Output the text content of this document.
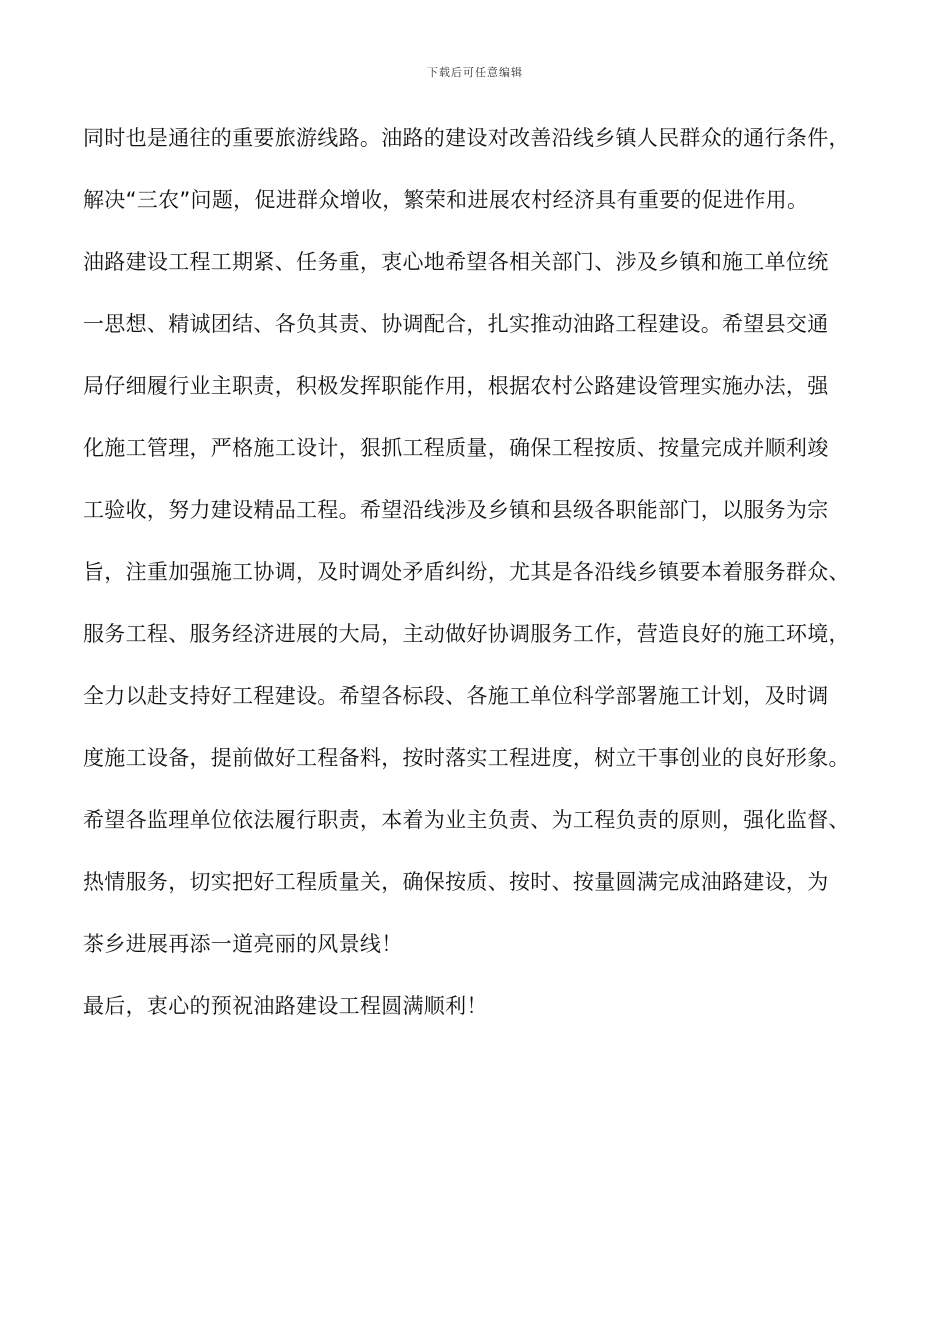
下载后可任意编辑
同时也是通往的重要旅游线路。油路的建设对改善沿线乡镇人民群众的通行条件，
解决“三农”问题，促进群众增收，繁荣和进展农村经济具有重要的促进作用。
油路建设工程工期紧、任务重，衷心地希望各相关部门、涉及乡镇和施工单位统
一思想、精诚团结、各负其责、协调配合，扎实推动油路工程建设。希望县交通
局仔细履行业主职责，积极发挥职能作用，根据农村公路建设管理实施办法，强
化施工管理，严格施工设计，狠抓工程质量，确保工程按质、按量完成并顺利竣
工验收，努力建设精品工程。希望沿线涉及乡镇和县级各职能部门，以服务为宗
旨，注重加强施工协调，及时调处矛盾纠纷，尤其是各沿线乡镇要本着服务群众、
服务工程、服务经济进展的大局，主动做好协调服务工作，营造良好的施工环境，
全力以赴支持好工程建设。希望各标段、各施工单位科学部署施工计划，及时调
度施工设备，提前做好工程备料，按时落实工程进度，树立干事创业的良好形象。
希望各监理单位依法履行职责，本着为业主负责、为工程负责的原则，强化监督、
热情服务，切实把好工程质量关，确保按质、按时、按量圆满完成油路建设，为
茶乡进展再添一道亮丽的风景线！
最后，衷心的预祝油路建设工程圆满顺利！
